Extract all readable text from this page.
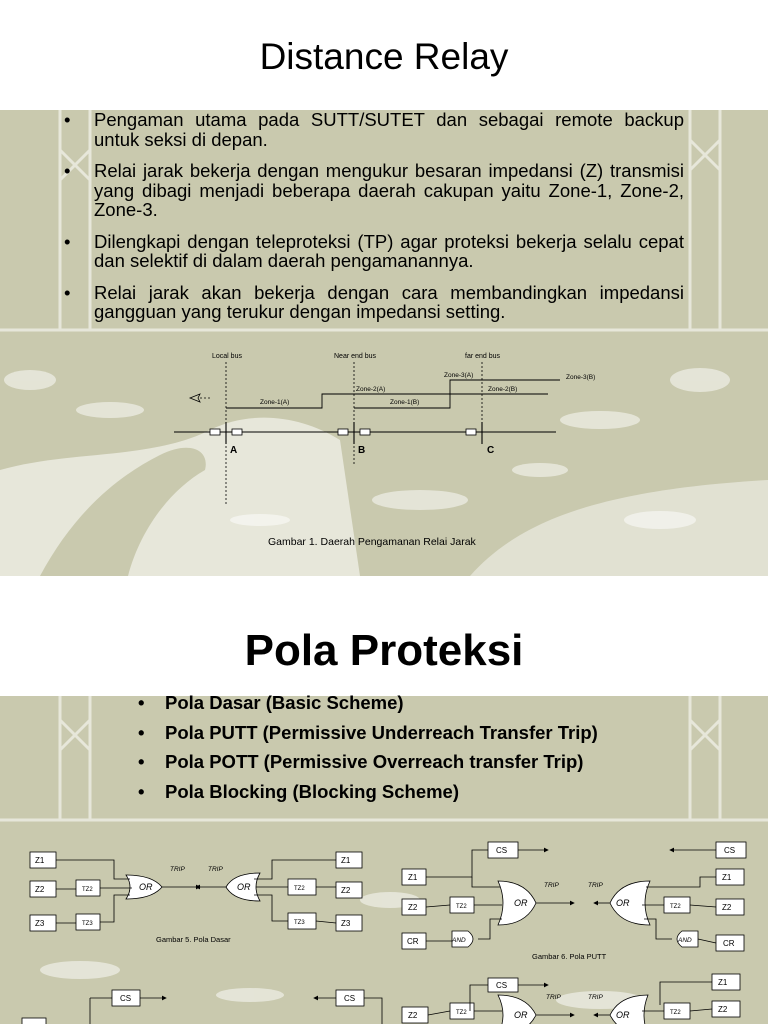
Distance Relay
• Pengaman utama pada SUTT/SUTET dan sebagai remote backup untuk seksi di depan.
• Relai jarak bekerja dengan mengukur besaran impedansi (Z) transmisi yang dibagi menjadi beberapa daerah cakupan yaitu Zone-1, Zone-2, Zone-3.
• Dilengkapi dengan teleproteksi (TP) agar proteksi bekerja selalu cepat dan selektif di dalam daerah pengamanannya.
• Relai jarak akan bekerja dengan cara membandingkan impedansi gangguan yang terukur dengan impedansi setting.
Local bus	Near end bus	far end bus
Zone-1(A)
Zone-2(A)
Zone-3(A)
Zone-1(B)
Zone-2(B)
Zone-3(B)
A	B	C
Gambar 1. Daerah Pengamanan Relai Jarak
Pola Proteksi
• Pola Dasar (Basic Scheme)
• Pola PUTT (Permissive Underreach Transfer Trip)
• Pola POTT (Permissive Overreach transfer Trip)
• Pola Blocking (Blocking Scheme)
Z1
Z2
Z3
Z1
Z2
Z3
Z1
Z2
CR
CS	CS
Z1
Z2
CR
CS	CS
Z2
CS	Z1
Z2
TZ2
TZ3
TZ2
TZ3
TZ2	TZ2
TZ2	TZ2
OR	OR
OR	OR
OR	OR
TRIP	TRIP
TRIP	TRIP
TRIP	TRIP
AND	AND
Gambar 5. Pola Dasar
Gambar 6. Pola PUTT
